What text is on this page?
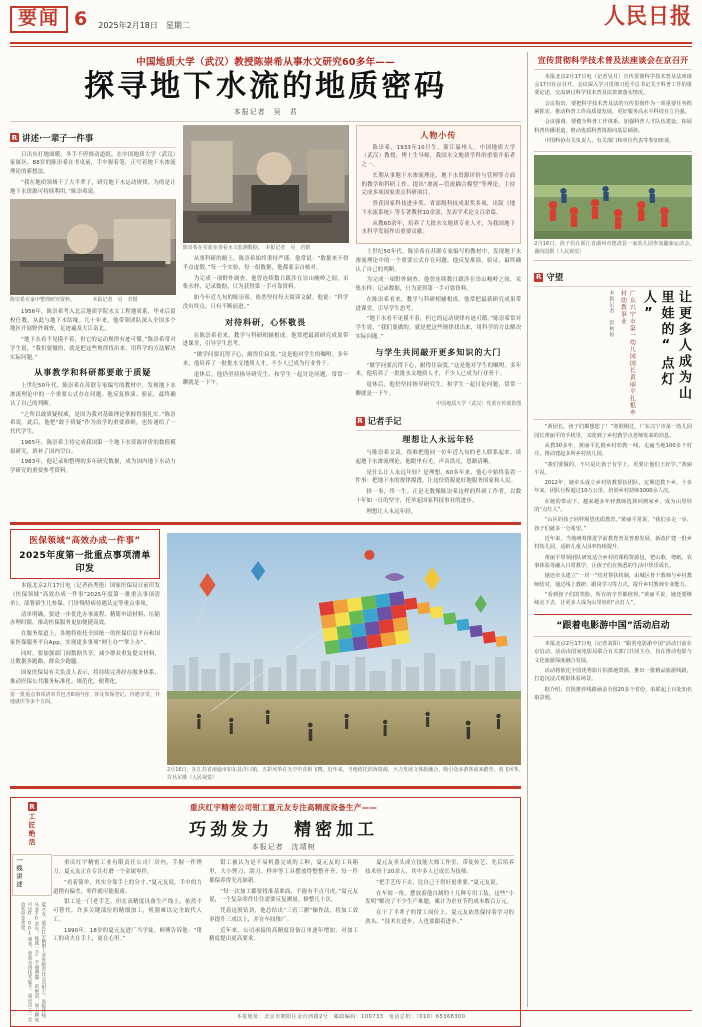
要闻 6 2025年2月18日　星期二	人民日报
中国地质大学（武汉）教授陈崇希从事水文研究60多年——
探寻地下水流的地质密码
本报记者　吴　君
R 讲述·一辈子一件事

日出东打地面暖，冬手不停推动道纸。在中国地质大学（武汉）家属区，88岁的陈崇希在书桌前，手中握着笔，正写着地下水渗流理论的新想法。

“我在地质领域干了大半辈子，研究地下水运动规律，为的是让地下水资源可持续利用。”陈崇希说。

陈崇希在家中整理研究资料。　　　　本报记者　吴　君摄

1956年，陈崇希考入北京地质学院水文工程地质系，毕业后留校任教，从此与地下水结缘。几十年来，他带领团队深入全国多个地区开展野外调查，足迹遍及大江南北。

“地下水看不见摸不着，但它的运动规律有迹可循。”陈崇希常对学生说，“我们要做的，就是把这些规律找出来，用科学的方法解决实际问题。”

从事教学和科研都要敢于质疑

上世纪50年代，陈崇希在苏联专家编写的教材中，发现地下水渗流理论中的一个重要公式存在问题。他反复推演、验证，最终确认了自己的判断。

“之所以敢质疑权威，是因为我对基础理论掌握得很扎实。”陈崇希说。此后，他把“敢于质疑”作为治学的重要准则，也传递给了一代代学生。

1965年，陈崇希主持完成我国第一个地下水资源评价的数值模拟研究，填补了国内空白。

1983年，他记录和整理的多年研究数据，成为国内地下水动力学研究的重要参考资料。

陈崇希在实验室查看水文监测数据。　本报记者　吴　君摄

从事科研的路上，陈崇希始终秉持严谨。他常说：“数据来不得半点虚假。”每一个实验、每一组数据，他都要亲自核对。

为完成一项野外调查，他曾连续数日跋涉在崇山峻岭之间，采集水样、记录数据，只为获得第一手可靠资料。

如今年近九旬的陈崇希，依然坚持每天阅读文献。他说：“科学没有终点，只有不断前进。”

对待科研，心怀敬畏

在陈崇希看来，教学与科研相辅相成。他常把最新研究成果带进课堂，引导学生思考。

“做学问要沉得下心，耐得住寂寞。”这是他对学生的嘱咐。多年来，他培养了一批批水文地质人才，不少人已成为行业骨干。

退休后，他仍坚持指导研究生，和学生一起讨论问题，常常一聊就是一下午。

人物小传

陈崇希，1933年10月生，浙江温州人。中国地质大学（武汉）教授、博士生导师，我国水文地质学科的重要开拓者之一。

长期从事地下水渗流理论、地下水资源评价与管理等方面的教学和科研工作。提出“渗流—管流耦合模型”等理论，主持完成多项国家重点科研项目。

曾获国家科技进步奖、省部级科技成果奖多项，出版《地下水流系统》等专著教材10余部，发表学术论文百余篇。

从教60余年，培养了大批水文地质专业人才，为我国地下水科学发展作出重要贡献。

上世纪50年代，陈崇希在苏联专家编写的教材中，发现地下水渗流理论中的一个重要公式存在问题。他反复推演、验证，最终确认了自己的判断。

为完成一项野外调查，他曾连续数日跋涉在崇山峻岭之间，采集水样、记录数据，只为获得第一手可靠资料。

在陈崇希看来，教学与科研相辅相成。他常把最新研究成果带进课堂，引导学生思考。

“地下水看不见摸不着，但它的运动规律有迹可循。”陈崇希常对学生说，“我们要做的，就是把这些规律找出来，用科学的方法解决实际问题。”

与学生共同敲开更多知识的大门

“做学问要沉得下心，耐得住寂寞。”这是他对学生的嘱咐。多年来，他培养了一批批水文地质人才，不少人已成为行业骨干。

退休后，他仍坚持指导研究生，和学生一起讨论问题，常常一聊就是一下午。

中国地质大学（武汉）党委宣传部供图
R 记者手记
理想让人永远年轻

与陈崇希交谈，很难把他同一位年近九旬的老人联系起来。谈起地下水渗流理论，他眼里有光，声音洪亮，思路清晰。

是什么让人永远年轻？是理想。60多年来，他心中始终装着一件事：把地下水的规律摸透，让这份资源更好地服务国家和人民。

择一事，终一生。正是无数像陈崇希这样的科研工作者，以数十年如一日的坚守，托举起国家科技事业的进步。

理想让人永远年轻。

医保领域“高效办成一件事”
2025年度第一批重点事项清单印发

本报北京2月17日电（记者孙秀艳）国家医保局日前印发《医保领域“高效办成一件事”2025年度第一批重点事项清单》，部署新生儿参保、门诊慢特病待遇认定等重点事项。

清单明确，要进一步优化办事流程、精简申请材料、压缩办理时限，推动医保服务更加便捷高效。

在服务渠道上，各地将依托全国统一的医保信息平台和国家医保服务平台App，实现更多事项“网上办”“掌上办”。

同时，要加强部门间数据共享，减少群众重复提交材料，让数据多跑路、群众少跑腿。

国家医保局有关负责人表示，将持续完善经办服务体系，推动医保公共服务标准化、规范化、便利化。

第一批重点事项清单共包含8项内容，涉及参保登记、待遇享受、异地就医等多个方面。
2月16日，在江苏省南通市如东县洋口镇，五彩风筝在天空中竞相飞舞。近年来，当地依托滨海资源，大力发展文体旅融合，吸引众多游客前来踏青、放飞风筝。　　　　　　　　许丛军摄（人民视觉）
R
工匠绝活
一线讲述
夏元友，重庆红宇精密工业有限责任公司钳工、高级技师。从业30余年，练就一手“手感测微”的绝活，加工精度可达0.001毫米。曾获全国技术能手、重庆市五一劳动奖章等荣誉。
重庆红宇精密公司钳工夏元友专注高精度设备生产——
巧劲发力　精密加工
本报记者　沈靖树

重庆红宇精密工业有限责任公司厂房内，手握一件锉刀，夏元友正在专注打磨一个金属零件。

“看着简单，其实全靠手上的分寸。”夏元友说，手中的力道稍有偏差，零件就可能报废。

钳工是一门老手艺，但在高精度设备生产线上，依然不可替代。许多关键部位的精细加工，机器难以完全取代人工。

1990年，18岁的夏元友进厂当学徒。师傅告诉他：“钳工的功夫在手上，更在心里。”

钳工被认为是不易机器完成的工种，夏元友的工具箱里，大小锉刀、刮刀、样冲等工具摆放得整整齐齐，每一件都保养得光亮如新。

“每一次加工都要找准基准面，不能有半点马虎。”夏元友说，一个复杂零件往往需要反复测量、修整几十次。

凭着这股钻劲，他总结出“三看三测”操作法，将加工效率提升三成以上，并在车间推广。

近年来，公司承接的高精度设备订单逐年增加，对加工精度提出更高要求。

夏元友牵头成立技能大师工作室，带徒传艺，先后培养技术骨干20余人，其中多人已成长为技师。

“把手艺传下去，比自己干得好更重要。”夏元友说。

在车间一角，摆放着他自制的十几种专用工装。这些“小发明”解决了不少生产难题，累计为企业节约成本数百万元。

在干了半辈子的钳工岗位上，夏元友依然保持着学习的劲头。“技术在进步，人也要跟着进步。”

宣传贯彻科学技术普及法座谈会在京召开

本报北京2月17日电（记者吴月）宣传贯彻科学技术普及法座谈会17日在京召开。会议深入学习贯彻习近平总书记关于科普工作的重要论述，交流研讨科学技术普及法贯彻落实情况。

会议指出，要把科学技术普及法的宣传贯彻作为一项重要任务抓紧抓实，推动科普工作高质量发展，更好服务高水平科技自立自强。

会议强调，要健全科普工作体系，加强科普人才队伍建设，拓展科普传播渠道，推动优质科普资源向基层倾斜。

中国科协有关负责人，有关部门和单位代表等参加座谈。

2月16日，孩子们在浙江省湖州市德清县一家幼儿园参加趣味运动会。　　谢尚国摄（人民视觉）
R 守望
本报记者　洪秋婷	广东兴宁市第一幼儿园园长黄丽平扎根乡村幼教事业	让更多人成为山里娃的“点灯人”

“黄园长，孩子们都想您了！”寒假刚过，广东兴宁市第一幼儿园园长黄丽平的手机里，又收到了乡村教学点老师发来的消息。

从教30多年，黄丽平扎根乡村幼教一线，走遍当地100多个村庄，推动建起多所乡村幼儿园。

“我们要做的，不只是让孩子有学上，更要让他们上好学。”黄丽平说。

2012年，她牵头成立乡村幼教帮扶团队，定期送教下乡。十多年来，团队行程超过10万公里，培训乡村幼师3000余人次。

在她的带动下，越来越多年轻教师选择回到家乡，成为山里娃的“点灯人”。

“山区的孩子同样渴望优质教育。”黄丽平常说，“我们多走一步，孩子们就多一分希望。”

近年来，当地统筹推进学前教育普及普惠发展，新改扩建一批乡村幼儿园，适龄儿童入园率持续提升。

黄丽平带领团队研发适合乡村的课程资源包，把山歌、剪纸、农事体验等融入日常教学，让孩子们在熟悉的生活中快乐成长。

她还牵头建立“一对一”结对帮扶机制，由城区骨干教师与乡村教师结对，通过线上教研、跟岗学习等方式，提升乡村教师专业能力。

“看到孩子们的笑脸，所有的辛苦都值得。”黄丽平说，她还要继续走下去，让更多人成为山里娃的“点灯人”。

“跟着电影游中国”活动启动

本报北京2月17日电（记者刘阳）“跟着电影游中国”活动日前在京启动。活动由国家电影局联合有关部门共同主办，旨在推动电影与文化旅游深度融合发展。

活动将依托全国优秀影片拍摄地资源，推出一批精品旅游线路，打造沉浸式观影体验场景。

据介绍，首批推荐线路涵盖全国20多个省份，串联起上百处知名取景地。

本报地址：北京市朝阳区金台西路2号　邮政编码：100733　电话总机：（010）65368300
